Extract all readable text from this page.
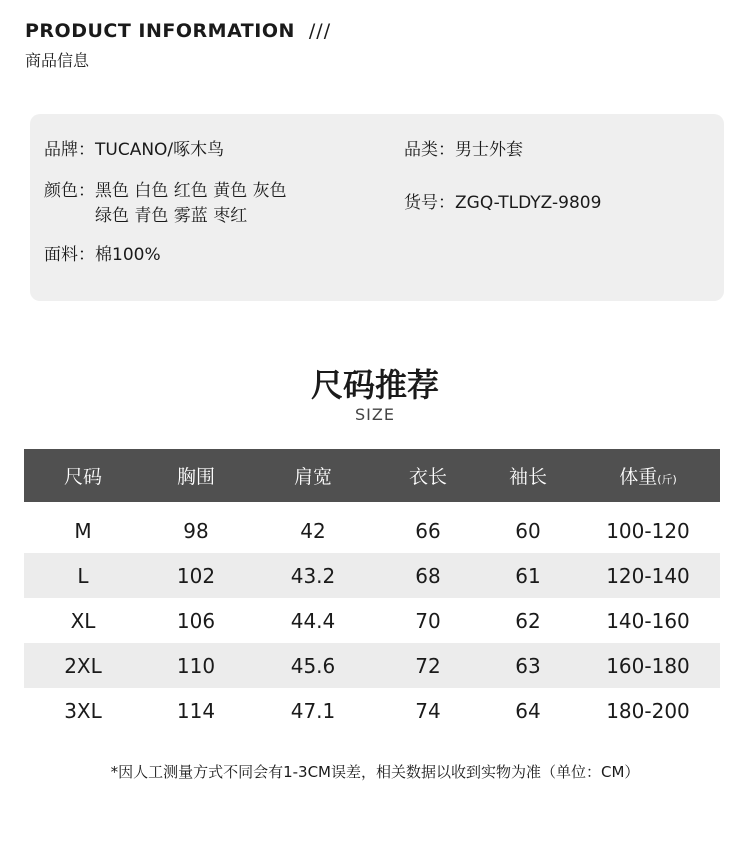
PRODUCT INFORMATION ///
商品信息
品牌：TUCANO/啄木鸟	品类：男士外套
颜色： 黑色 白色 红色 黄色 灰色
绿色 青色 雾蓝 枣红
货号：ZGQ-TLDYZ-9809
面料：棉100%
尺码推荐
SIZE
尺码	胸围	肩宽	衣长	袖长	体重(斤)
M	98	42	66	60	100-120
L	102	43.2	68	61	120-140
XL	106	44.4	70	62	140-160
2XL	110	45.6	72	63	160-180
3XL	114	47.1	74	64	180-200
*因人工测量方式不同会有1-3CM误差，相关数据以收到实物为准（单位：CM）
